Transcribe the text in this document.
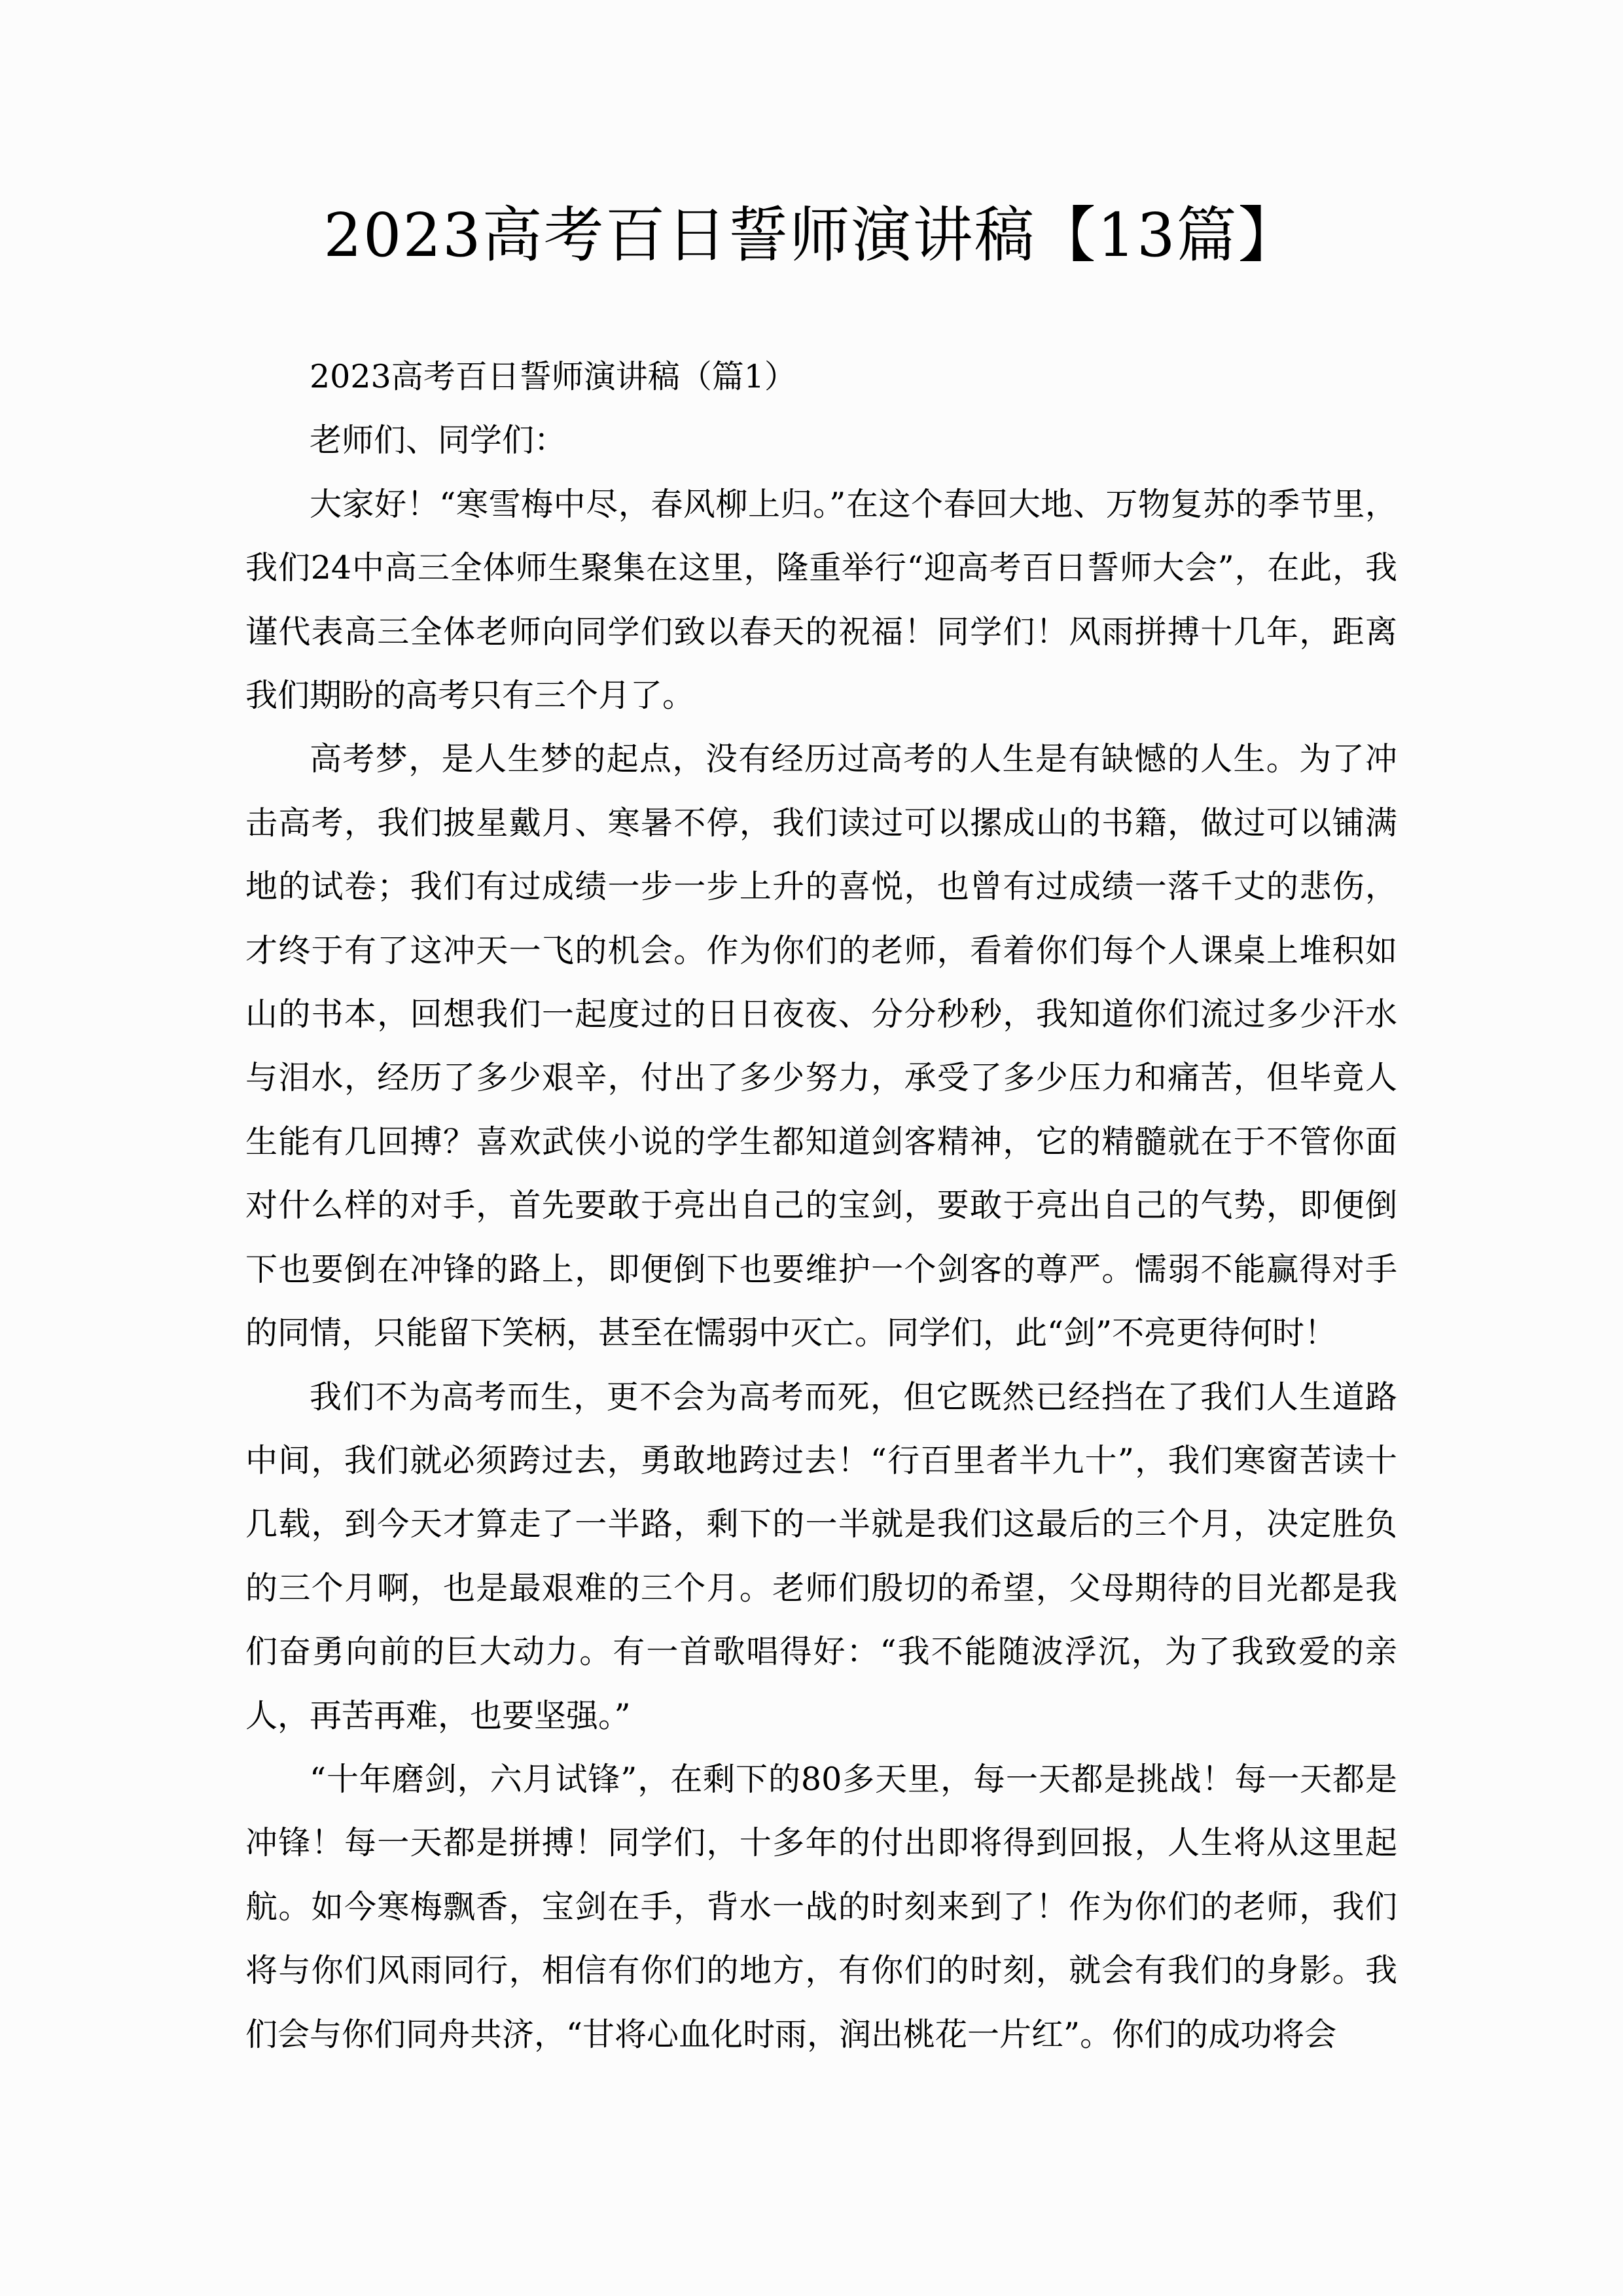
2023高考百日誓师演讲稿【13篇】

2023高考百日誓师演讲稿（篇1）

老师们、同学们：

大家好！“寒雪梅中尽，春风柳上归。”在这个春回大地、万物复苏的季节里，我们24中高三全体师生聚集在这里，隆重举行“迎高考百日誓师大会”，在此，我谨代表高三全体老师向同学们致以春天的祝福！同学们！风雨拼搏十几年，距离我们期盼的高考只有三个月了。

高考梦，是人生梦的起点，没有经历过高考的人生是有缺憾的人生。为了冲击高考，我们披星戴月、寒暑不停，我们读过可以摞成山的书籍，做过可以铺满地的试卷；我们有过成绩一步一步上升的喜悦，也曾有过成绩一落千丈的悲伤，才终于有了这冲天一飞的机会。作为你们的老师，看着你们每个人课桌上堆积如山的书本，回想我们一起度过的日日夜夜、分分秒秒，我知道你们流过多少汗水与泪水，经历了多少艰辛，付出了多少努力，承受了多少压力和痛苦，但毕竟人生能有几回搏？喜欢武侠小说的学生都知道剑客精神，它的精髓就在于不管你面对什么样的对手，首先要敢于亮出自己的宝剑，要敢于亮出自己的气势，即便倒下也要倒在冲锋的路上，即便倒下也要维护一个剑客的尊严。懦弱不能赢得对手的同情，只能留下笑柄，甚至在懦弱中灭亡。同学们，此“剑”不亮更待何时！

我们不为高考而生，更不会为高考而死，但它既然已经挡在了我们人生道路中间，我们就必须跨过去，勇敢地跨过去！“行百里者半九十”，我们寒窗苦读十几载，到今天才算走了一半路，剩下的一半就是我们这最后的三个月，决定胜负的三个月啊，也是最艰难的三个月。老师们殷切的希望，父母期待的目光都是我们奋勇向前的巨大动力。有一首歌唱得好：“我不能随波浮沉，为了我致爱的亲人，再苦再难，也要坚强。”

“十年磨剑，六月试锋”，在剩下的80多天里，每一天都是挑战！每一天都是冲锋！每一天都是拼搏！同学们，十多年的付出即将得到回报，人生将从这里起航。如今寒梅飘香，宝剑在手，背水一战的时刻来到了！作为你们的老师，我们将与你们风雨同行，相信有你们的地方，有你们的时刻，就会有我们的身影。我们会与你们同舟共济，“甘将心血化时雨，润出桃花一片红”。你们的成功将会
